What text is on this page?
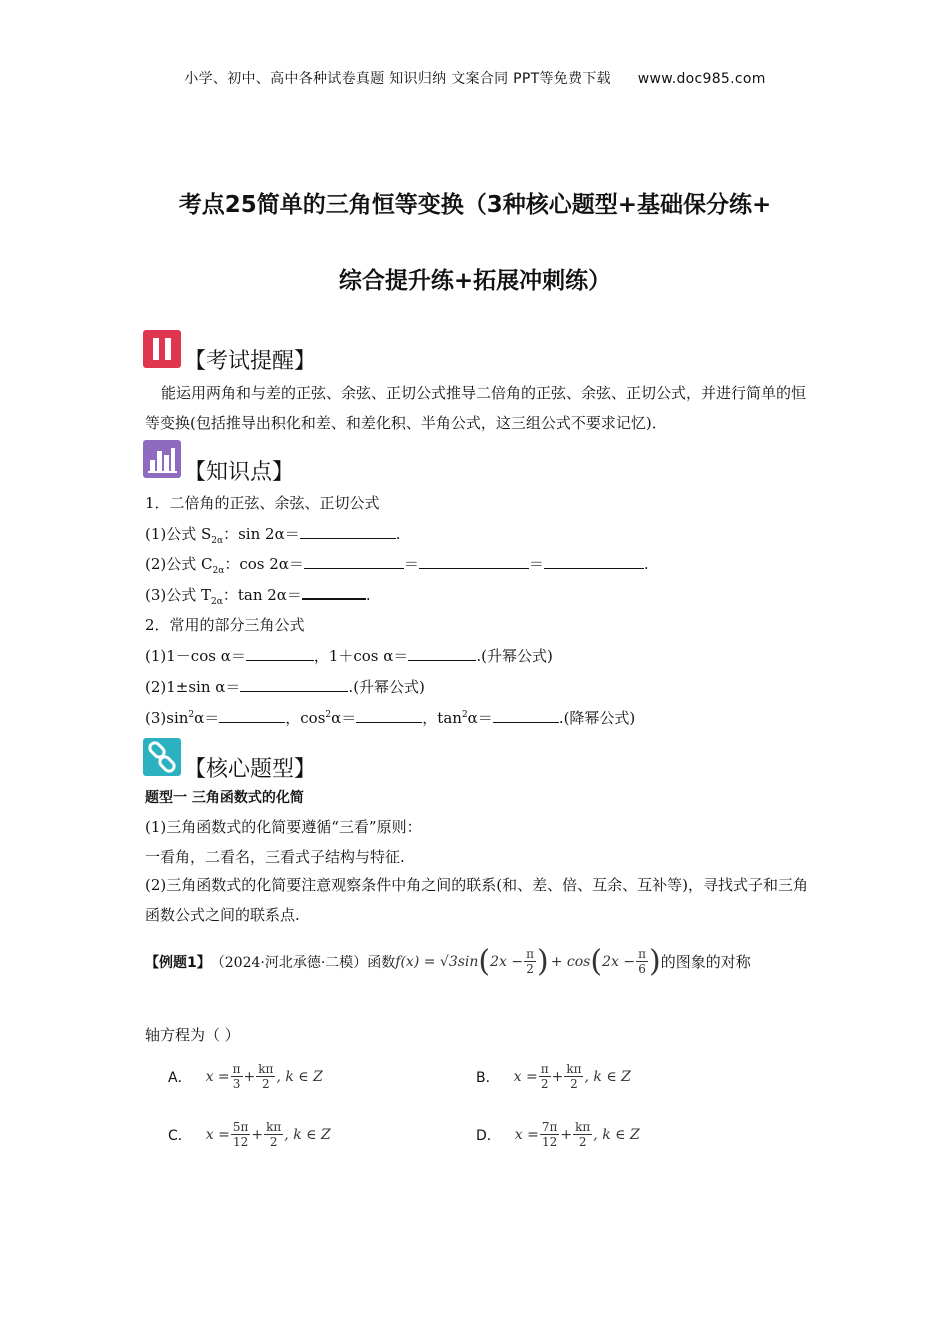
小学、初中、高中各种试卷真题 知识归纳 文案合同 PPT等免费下载 www.doc985.com
考点25简单的三角恒等变换（3种核心题型+基础保分练+
综合提升练+拓展冲刺练）
【考试提醒】
能运用两角和与差的正弦、余弦、正切公式推导二倍角的正弦、余弦、正切公式，并进行简单的恒等变换(包括推导出积化和差、和差化积、半角公式，这三组公式不要求记忆)．
【知识点】
1．二倍角的正弦、余弦、正切公式
(1)公式 $S_{2\alpha}$：sin 2α＝	.
(2)公式 $C_{2\alpha}$：cos 2α＝	＝	＝	.
(3)公式 $T_{2\alpha}$：tan 2α＝	.
2．常用的部分三角公式
(1)1－cos α＝	，1＋cos α＝	.(升幂公式)
(2)1±sin α＝	.(升幂公式)
$(3)\sin^2\alpha=$	，$\cos^2\alpha=$	，$\tan^2\alpha=$	.(降幂公式)
【核心题型】
题型一 三角函数式的化简
(1)三角函数式的化简要遵循“三看”原则：
一看角，二看名，三看式子结构与特征.
(2)三角函数式的化简要注意观察条件中角之间的联系(和、差、倍、互余、互补等)，寻找式子和三角函数公式之间的联系点.
【例题1】 （2024·河北承德·二模）函数 f(x) = √3sin ( $2x - \frac{\pi}{2}$ ) + cos ( $2x - \frac{\pi}{6}$ ) 的图象的对称
轴方程为（ ）
A． $x = \frac{\pi}{3} + \frac{k\pi}{2}$ , k ∈ Z	B． $x = \frac{\pi}{2} + \frac{k\pi}{2}$ , k ∈ Z
C． $x = \frac{5\pi}{12} + \frac{k\pi}{2}$ , k ∈ Z	D． $x = \frac{7\pi}{12} + \frac{k\pi}{2}$ , k ∈ Z
